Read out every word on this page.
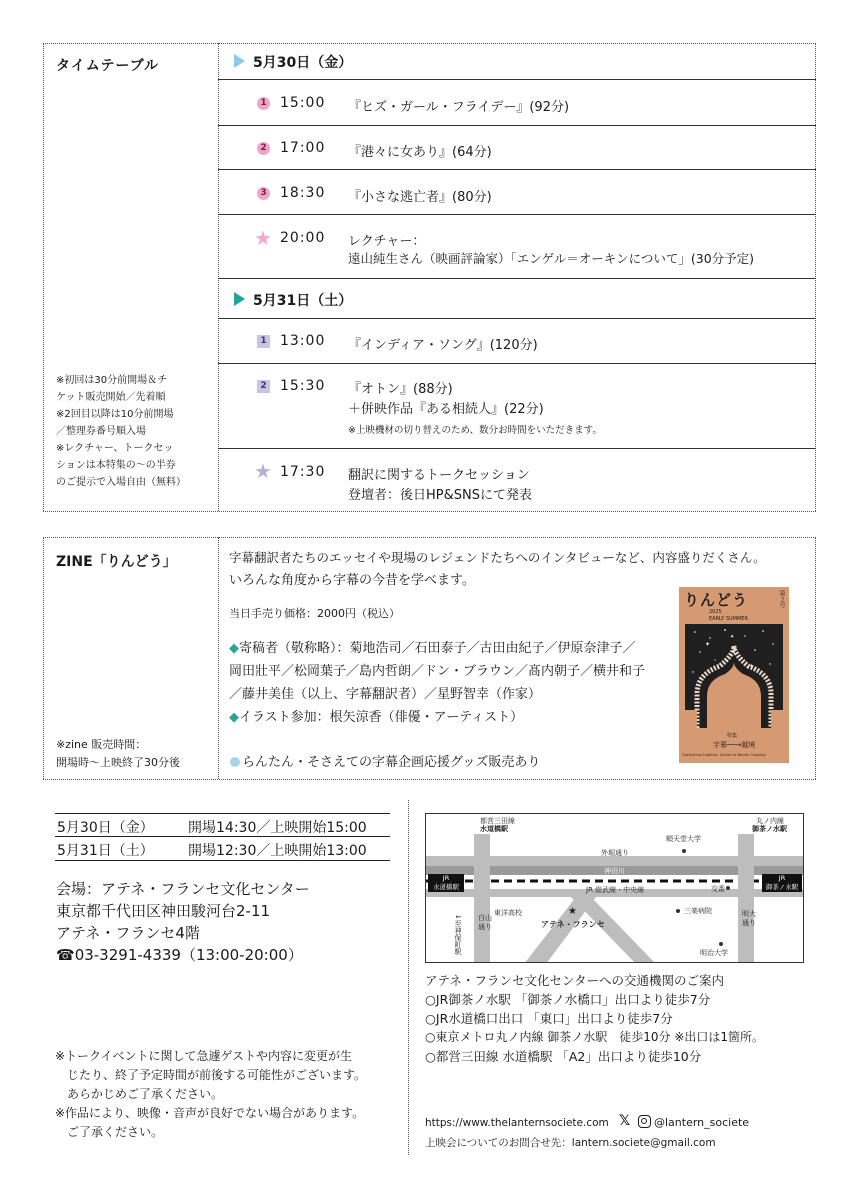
タイムテーブル	5月30日（金）
1 15:00 『ヒズ・ガール・フライデー』(92分)
2 17:00 『港々に女あり』(64分)
3 18:30 『小さな逃亡者』(80分)
★ 20:00 レクチャー：
遠山純生さん（映画評論家）「エンゲル＝オーキンについて」(30分予定)
5月31日（土）
1 13:00 『インディア・ソング』(120分)
2 15:30 『オトン』(88分)
＋併映作品『ある相続人』(22分)
※上映機材の切り替えのため、数分お時間をいただきます。
★ 17:30 翻訳に関するトークセッション
登壇者：後日HP&SNSにて発表
※初回は30分前開場＆チ
ケット販売開始／先着順
※2回目以降は10分前開場
／整理券番号順入場
※レクチャー、トークセッ
ションは本特集の〜の半券
のご提示で入場自由（無料）
ZINE「りんどう」	字幕翻訳者たちのエッセイや現場のレジェンドたちへのインタビューなど、内容盛りだくさん。
いろんな角度から字幕の今昔を学べます。
当日手売り価格：2000円（税込）
◆寄稿者（敬称略）：菊地浩司／石田泰子／古田由紀子／伊原奈津子／
岡田壯平／松岡葉子／島内哲朗／ドン・ブラウン／髙内朝子／横井和子
／藤井美佳（以上、字幕翻訳者）／星野智幸（作家）
◆イラスト参加：根矢涼香（俳優・アーティスト）
らんたん・そさえての字幕企画応援グッズ販売あり
※zine 販売時間：
開場時〜上映終了30分後
りんどう	第２号
2025
EARLY SUMMER
✦
✦
✦
特集
字幕──→越境
Translating Subtitles: Stories of Border Crossing
5月30日（金） 開場14:30／上映開始15:00
5月31日（土） 開場12:30／上映開始13:00
会場：アテネ・フランセ文化センター
東京都千代田区神田駿河台2-11
アテネ・フランセ4階
☎03-3291-4339（13:00-20:00）
※トークイベントに関して急遽ゲストや内容に変更が生
じたり、終了予定時間が前後する可能性がございます。
あらかじめご了承ください。
※作品により、映像・音声が良好でない場合があります。
ご了承ください。
JR
水道橋駅
JR
御茶ノ水駅
都営三田線
水道橋駅
丸ノ内線
御茶ノ水駅
順天堂大学
外堀通り
神田川
JR 総武線・中央線	交番
東洋高校	三楽病院
白山
通り
↓至神保町駅
★
アテネ・フランセ
明大
通り
明治大学
アテネ・フランセ文化センターへの交通機関のご案内
○JR御茶ノ水駅 「御茶ノ水橋口」出口より徒歩7分
○JR水道橋口出口 「東口」出口より徒歩7分
○東京メトロ丸ノ内線 御茶ノ水駅　徒歩10分 ※出口は1箇所。
○都営三田線 水道橋駅 「A2」出口より徒歩10分
https://www.thelanternsociete.com 𝕏 @lantern_societe
上映会についてのお問合せ先：lantern.societe@gmail.com
